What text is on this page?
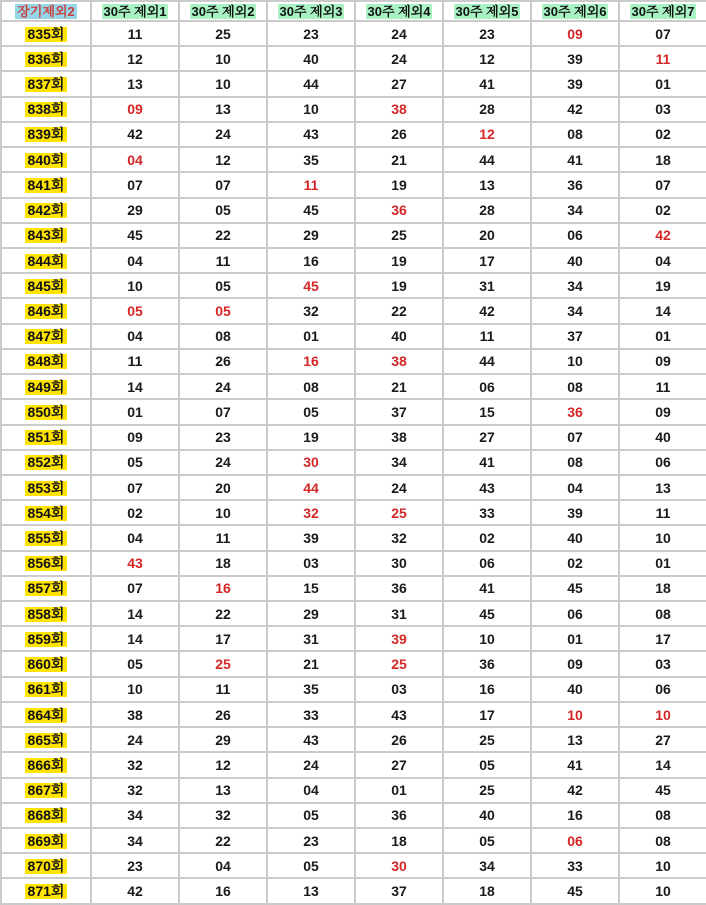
장기제외2	30주 제외1	30주 제외2	30주 제외3	30주 제외4	30주 제외5	30주 제외6	30주 제외7
835회	11	25	23	24	23	09	07
836회	12	10	40	24	12	39	11
837회	13	10	44	27	41	39	01
838회	09	13	10	38	28	42	03
839회	42	24	43	26	12	08	02
840회	04	12	35	21	44	41	18
841회	07	07	11	19	13	36	07
842회	29	05	45	36	28	34	02
843회	45	22	29	25	20	06	42
844회	04	11	16	19	17	40	04
845회	10	05	45	19	31	34	19
846회	05	05	32	22	42	34	14
847회	04	08	01	40	11	37	01
848회	11	26	16	38	44	10	09
849회	14	24	08	21	06	08	11
850회	01	07	05	37	15	36	09
851회	09	23	19	38	27	07	40
852회	05	24	30	34	41	08	06
853회	07	20	44	24	43	04	13
854회	02	10	32	25	33	39	11
855회	04	11	39	32	02	40	10
856회	43	18	03	30	06	02	01
857회	07	16	15	36	41	45	18
858회	14	22	29	31	45	06	08
859회	14	17	31	39	10	01	17
860회	05	25	21	25	36	09	03
861회	10	11	35	03	16	40	06
864회	38	26	33	43	17	10	10
865회	24	29	43	26	25	13	27
866회	32	12	24	27	05	41	14
867회	32	13	04	01	25	42	45
868회	34	32	05	36	40	16	08
869회	34	22	23	18	05	06	08
870회	23	04	05	30	34	33	10
871회	42	16	13	37	18	45	10
